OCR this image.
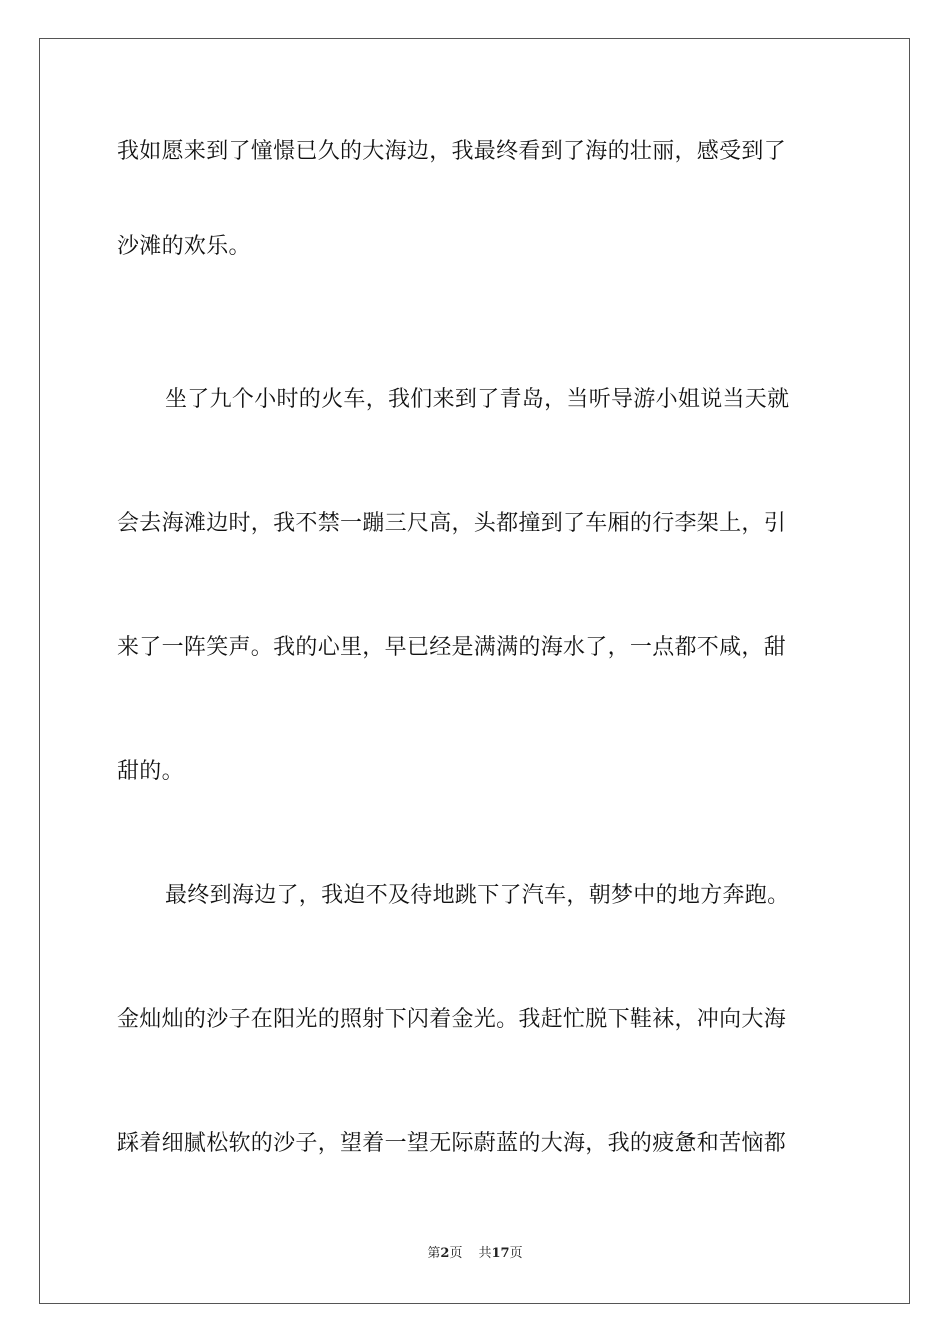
我如愿来到了憧憬已久的大海边，我最终看到了海的壮丽，感受到了
沙滩的欢乐。
坐了九个小时的火车，我们来到了青岛，当听导游小姐说当天就
会去海滩边时，我不禁一蹦三尺高，头都撞到了车厢的行李架上，引
来了一阵笑声。我的心里，早已经是满满的海水了，一点都不咸，甜
甜的。
最终到海边了，我迫不及待地跳下了汽车，朝梦中的地方奔跑。
金灿灿的沙子在阳光的照射下闪着金光。我赶忙脱下鞋袜，冲向大海
踩着细腻松软的沙子，望着一望无际蔚蓝的大海，我的疲惫和苦恼都
第2页 共17页
